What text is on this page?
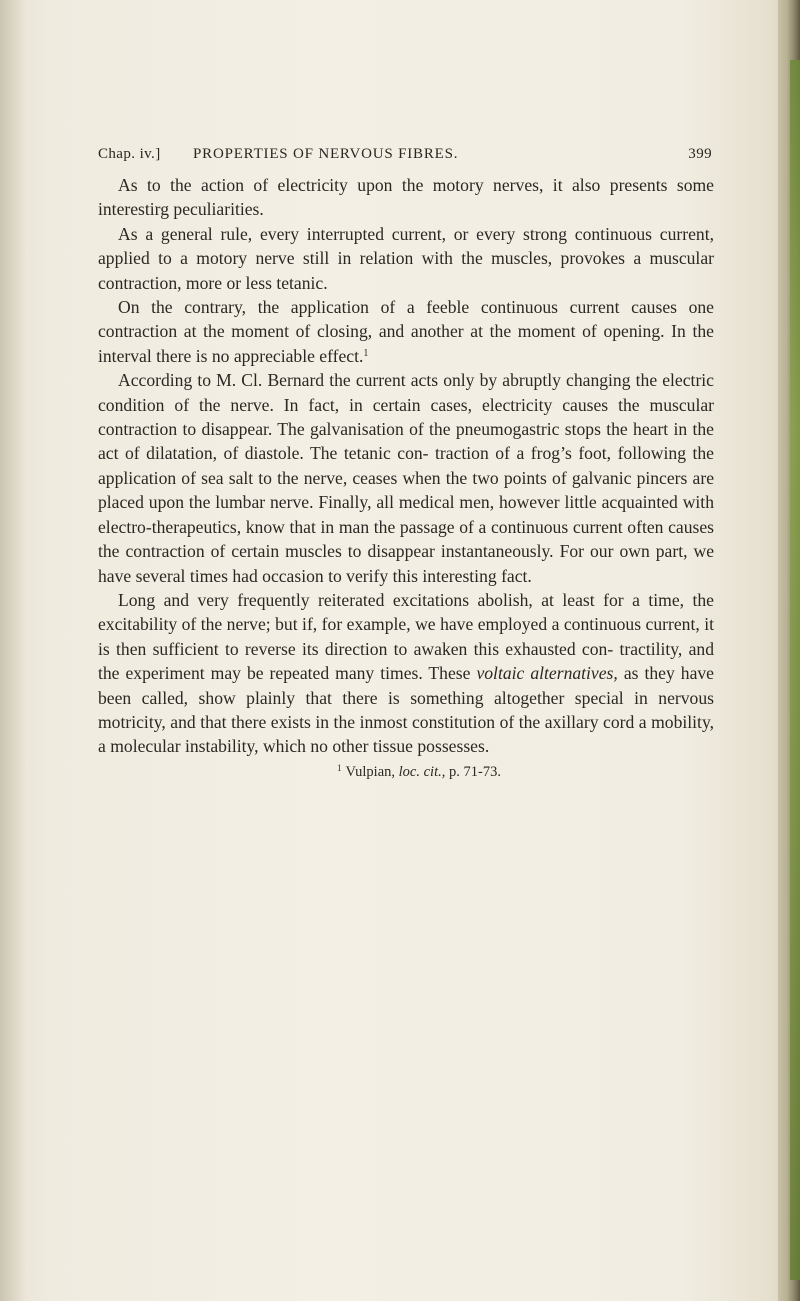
Chap. iv.] PROPERTIES OF NERVOUS FIBRES.	399

As to the action of electricity upon the motory nerves, it also presents some interestirg peculiarities.

As a general rule, every interrupted current, or every strong continuous current, applied to a motory nerve still in relation with the muscles, provokes a muscular contraction, more or less tetanic.

On the contrary, the application of a feeble continuous current causes one contraction at the moment of closing, and another at the moment of opening. In the interval there is no appreciable effect.$^1$

According to M. Cl. Bernard the current acts only by abruptly changing the electric condition of the nerve. In fact, in certain cases, electricity causes the muscular contraction to disappear. The galvanisation of the pneumogastric stops the heart in the act of dilatation, of diastole. The tetanic con- traction of a frog’s foot, following the application of sea salt to the nerve, ceases when the two points of galvanic pincers are placed upon the lumbar nerve. Finally, all medical men, however little acquainted with electro-therapeutics, know that in man the passage of a continuous current often causes the contraction of certain muscles to disappear instantaneously. For our own part, we have several times had occasion to verify this interesting fact.

Long and very frequently reiterated excitations abolish, at least for a time, the excitability of the nerve; but if, for example, we have employed a continuous current, it is then sufficient to reverse its direction to awaken this exhausted con- tractility, and the experiment may be repeated many times. These voltaic alternatives, as they have been called, show plainly that there is something altogether special in nervous motricity, and that there exists in the inmost constitution of the axillary cord a mobility, a molecular instability, which no other tissue possesses.

$^1$ Vulpian, loc. cit., p. 71-73.
